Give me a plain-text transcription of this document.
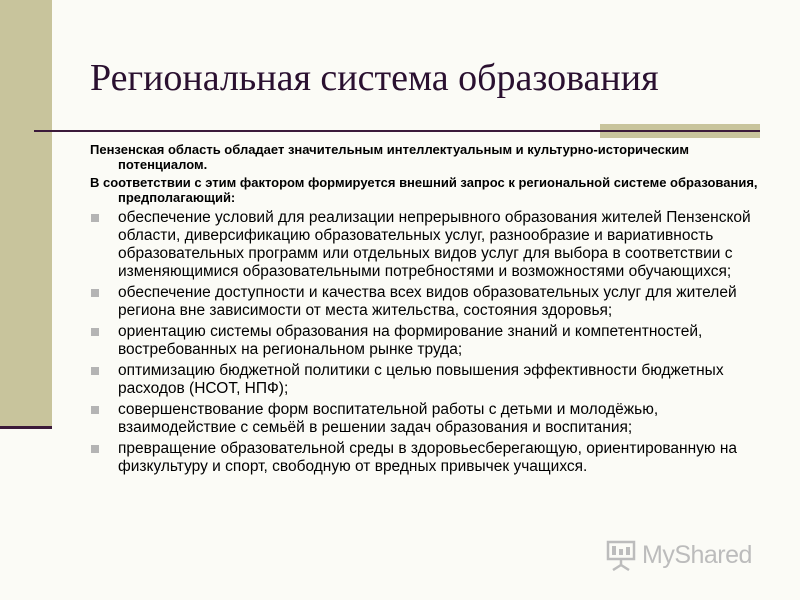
Региональная система образования

Пензенская область обладает значительным интеллектуальным и культурно-историческим потенциалом.

В соответствии с этим фактором формируется внешний запрос к региональной системе образования, предполагающий:

обеспечение условий для реализации непрерывного образования жителей Пензенской области, диверсификацию образовательных услуг, разнообразие и вариативность образовательных программ или отдельных видов услуг для выбора в соответствии с изменяющимися образовательными потребностями и возможностями обучающихся;
обеспечение доступности и качества всех видов образовательных услуг для жителей региона вне зависимости от места жительства, состояния здоровья;
ориентацию системы образования на формирование знаний и компетентностей, востребованных на региональном рынке труда;
оптимизацию бюджетной политики с целью повышения эффективности бюджетных расходов (НСОТ, НПФ);
совершенствование форм воспитательной работы с детьми и молодёжью, взаимодействие с семьёй в решении задач образования и воспитания;
превращение образовательной среды в здоровьесберегающую, ориентированную на физкультуру и спорт, свободную от вредных привычек учащихся.
MyShared
